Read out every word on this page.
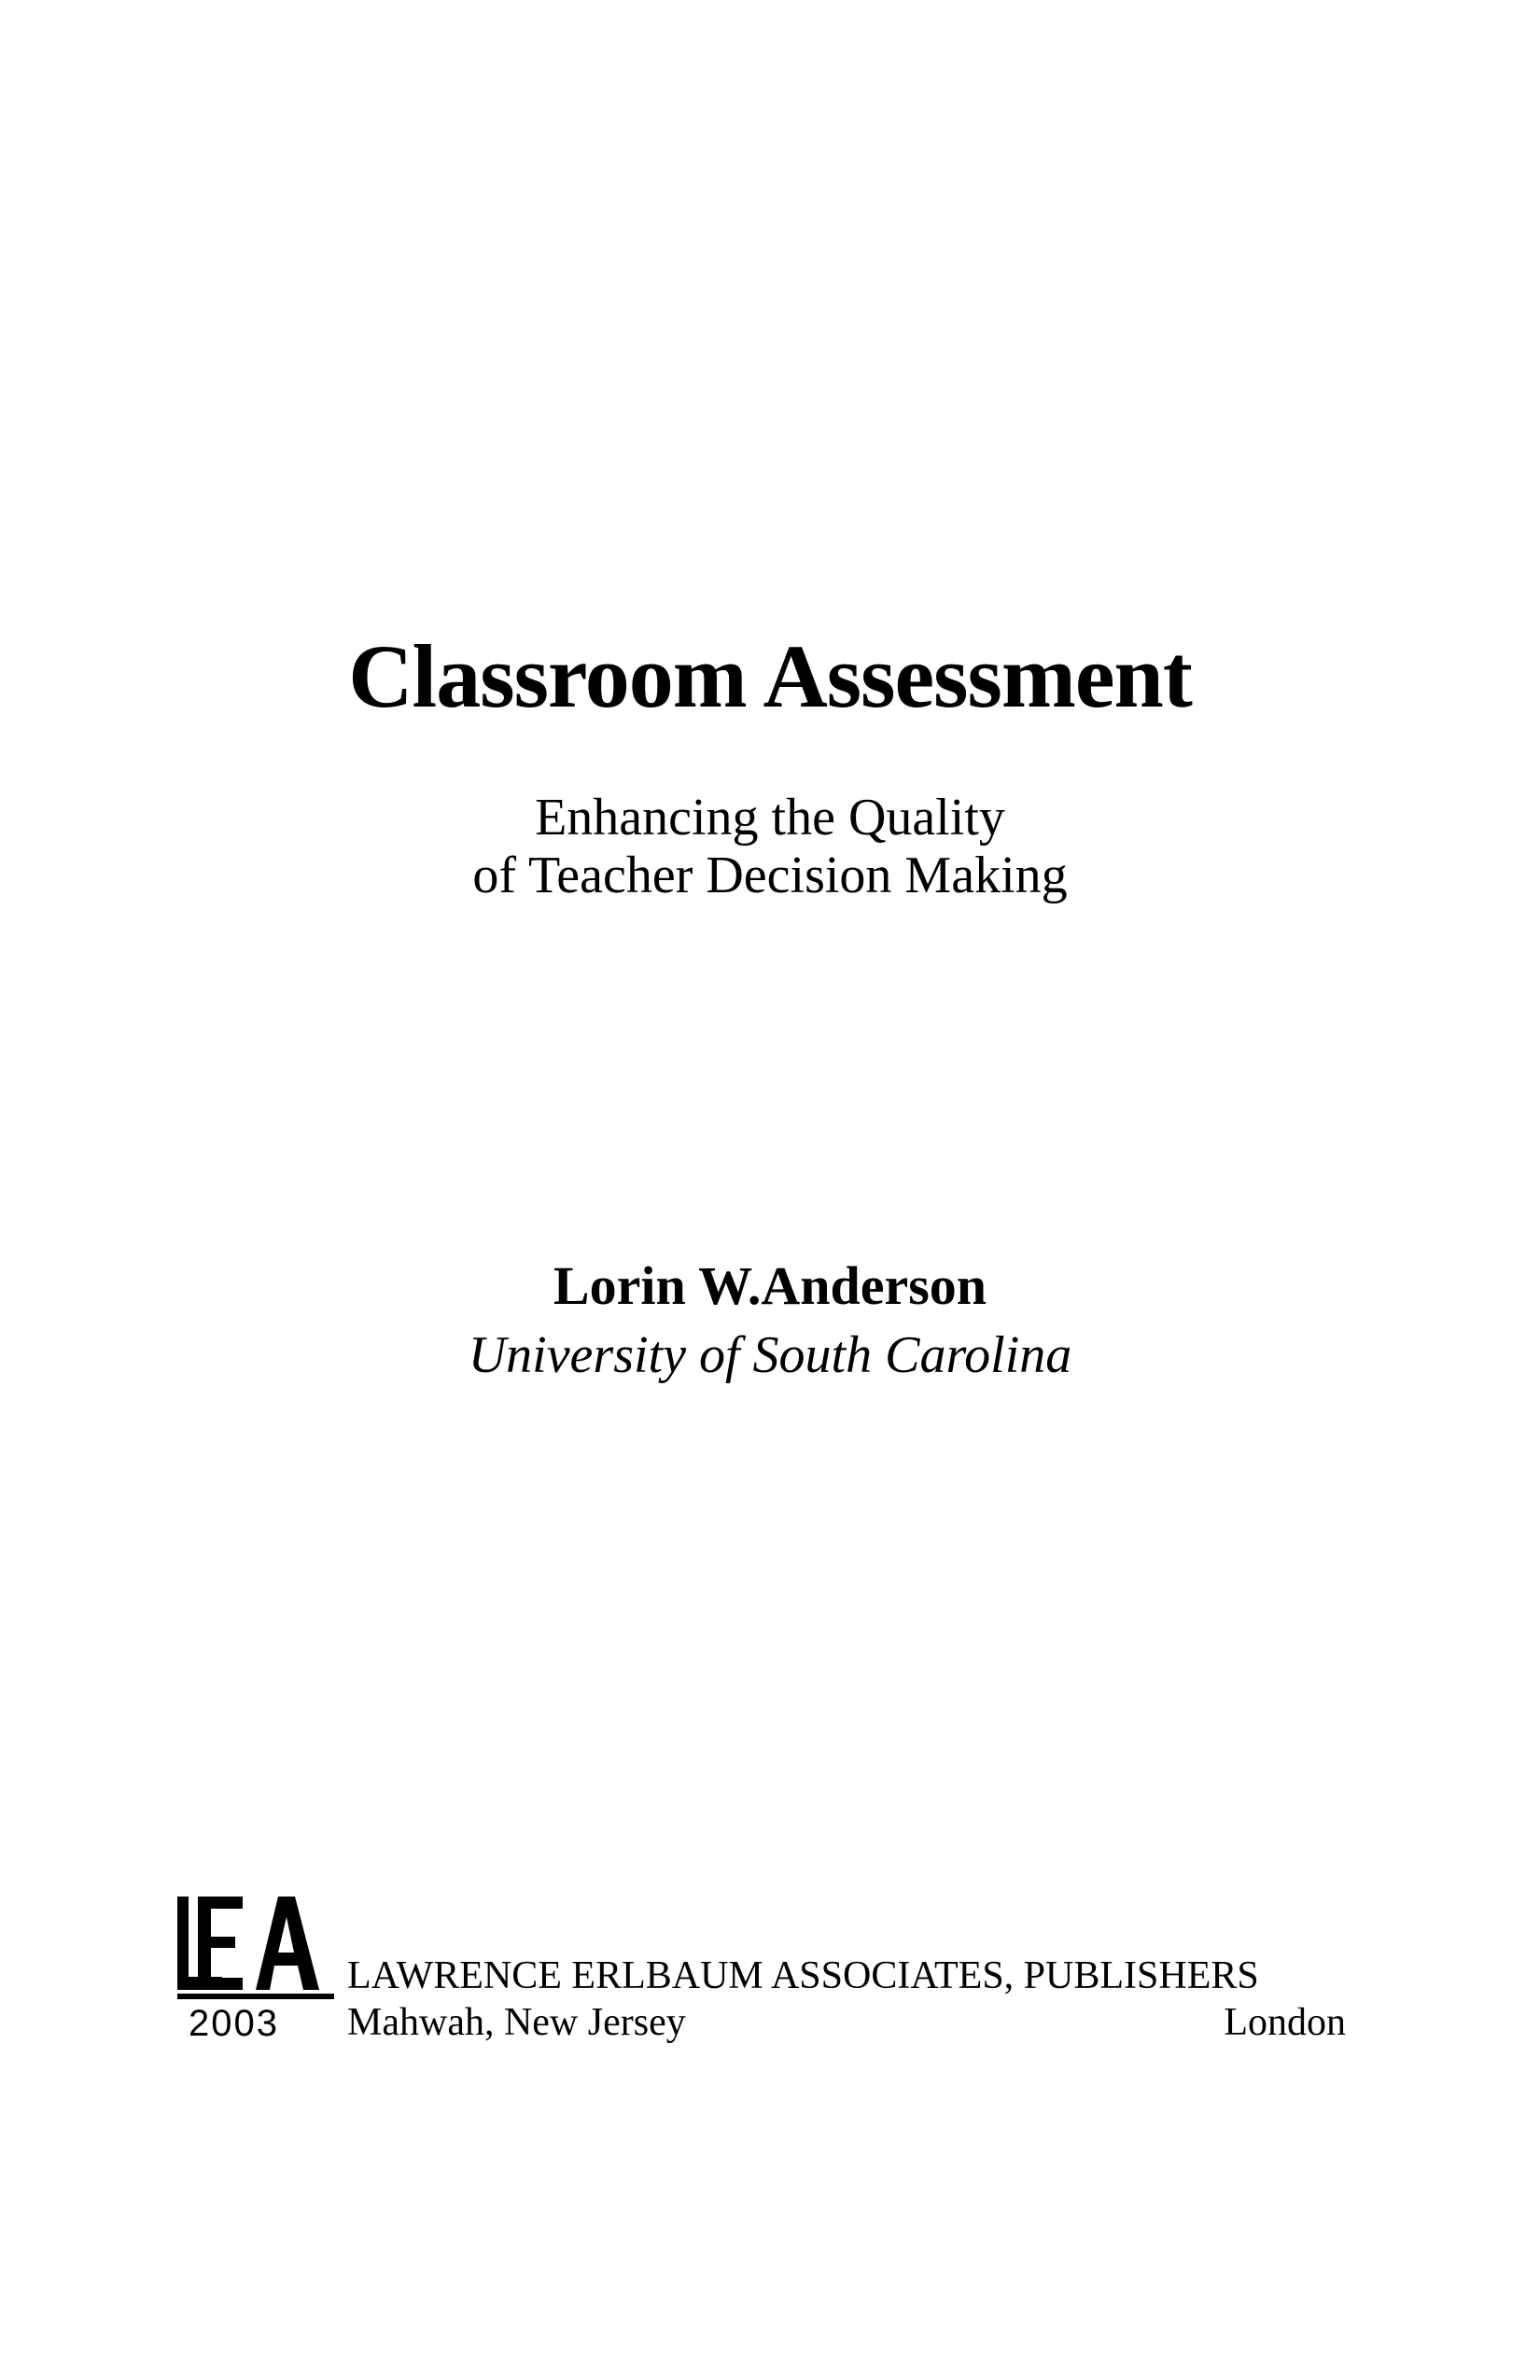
Classroom Assessment
Enhancing the Quality
of Teacher Decision Making
Lorin W.Anderson
University of South Carolina
2003
LAWRENCE ERLBAUM ASSOCIATES, PUBLISHERS
Mahwah, New Jersey	London
